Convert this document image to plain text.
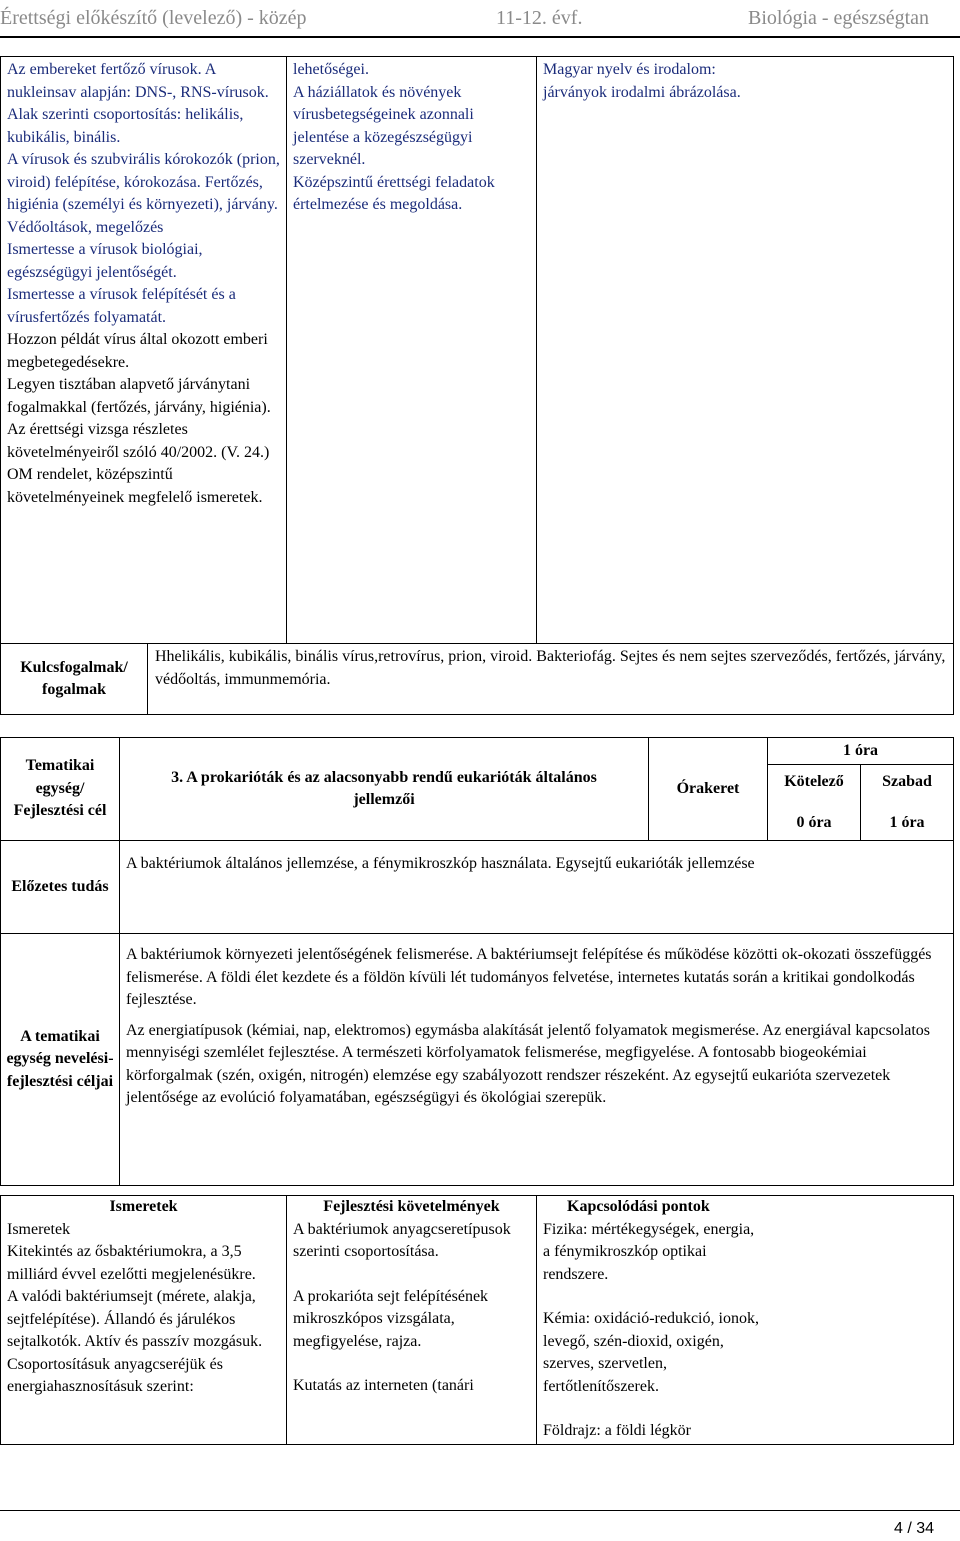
Érettségi előkészítő (levelező) - közép	11-12. évf.	Biológia - egészségtan
Az embereket fertőző vírusok. A nukleinsav alapján: DNS-, RNS-vírusok. Alak szerinti csoportosítás: helikális, kubikális, binális.
A vírusok és szubvirális kórokozók (prion, viroid) felépítése, kórokozása. Fertőzés, higiénia (személyi és környezeti), járvány. Védőoltások, megelőzés
Ismertesse a vírusok biológiai, egészségügyi jelentőségét.
Ismertesse a vírusok felépítését és a vírusfertőzés folyamatát.
Hozzon példát vírus által okozott emberi megbetegedésekre.
Legyen tisztában alapvető járványtani fogalmakkal (fertőzés, járvány, higiénia).
Az érettségi vizsga részletes követelményeiről szóló 40/2002. (V. 24.) OM rendelet, középszintű követelményeinek megfelelő ismeretek.
lehetőségei.
A háziállatok és növények vírusbetegségeinek azonnali jelentése a közegészségügyi szerveknél.
Középszintű érettségi feladatok értelmezése és megoldása.
Magyar nyelv és irodalom: járványok irodalmi ábrázolása.
Kulcsfogalmak/ fogalmak
Hhelikális, kubikális, binális vírus,retrovírus, prion, viroid. Bakteriofág. Sejtes és nem sejtes szerveződés, fertőzés, járvány, védőoltás, immunmemória.
Tematikai egység/ Fejlesztési cél
3. A prokarióták és az alacsonyabb rendű eukarióták általános jellemzői
Órakeret
1 óra
Kötelező
0 óra
Szabad
1 óra
Előzetes tudás
A baktériumok általános jellemzése, a fénymikroszkóp használata. Egysejtű eukarióták jellemzése
A tematikai egység nevelési-fejlesztési céljai

A baktériumok környezeti jelentőségének felismerése. A baktériumsejt felépítése és működése közötti ok-okozati összefüggés felismerése. A földi élet kezdete és a földön kívüli lét tudományos felvetése, internetes kutatás során a kritikai gondolkodás fejlesztése.

Az energiatípusok (kémiai, nap, elektromos) egymásba alakítását jelentő folyamatok megismerése. Az energiával kapcsolatos mennyiségi szemlélet fejlesztése. A természeti körfolyamatok felismerése, megfigyelése. A fontosabb biogeokémiai körforgalmak (szén, oxigén, nitrogén) elemzése egy szabályozott rendszer részeként. Az egysejtű eukarióta szervezetek jelentősége az evolúció folyamatában, egészségügyi és ökológiai szerepük.

Ismeretek
Ismeretek
Kitekintés az ősbaktériumokra, a 3,5 milliárd évvel ezelőtti megjelenésükre.
A valódi baktériumsejt (mérete, alakja, sejtfelépítése). Állandó és járulékos sejtalkotók. Aktív és passzív mozgásuk.
Csoportosításuk anyagcseréjük és energiahasznosításuk szerint:
Fejlesztési követelmények
A baktériumok anyagcseretípusok szerinti csoportosítása.
A prokarióta sejt felépítésének mikroszkópos vizsgálata, megfigyelése, rajza.
Kutatás az interneten (tanári
Kapcsolódási pontok
Fizika: mértékegységek, energia, a fénymikroszkóp optikai rendszere.
Kémia: oxidáció-redukció, ionok, levegő, szén-dioxid, oxigén, szerves, szervetlen, fertőtlenítőszerek.
Földrajz: a földi légkör
4 / 34
